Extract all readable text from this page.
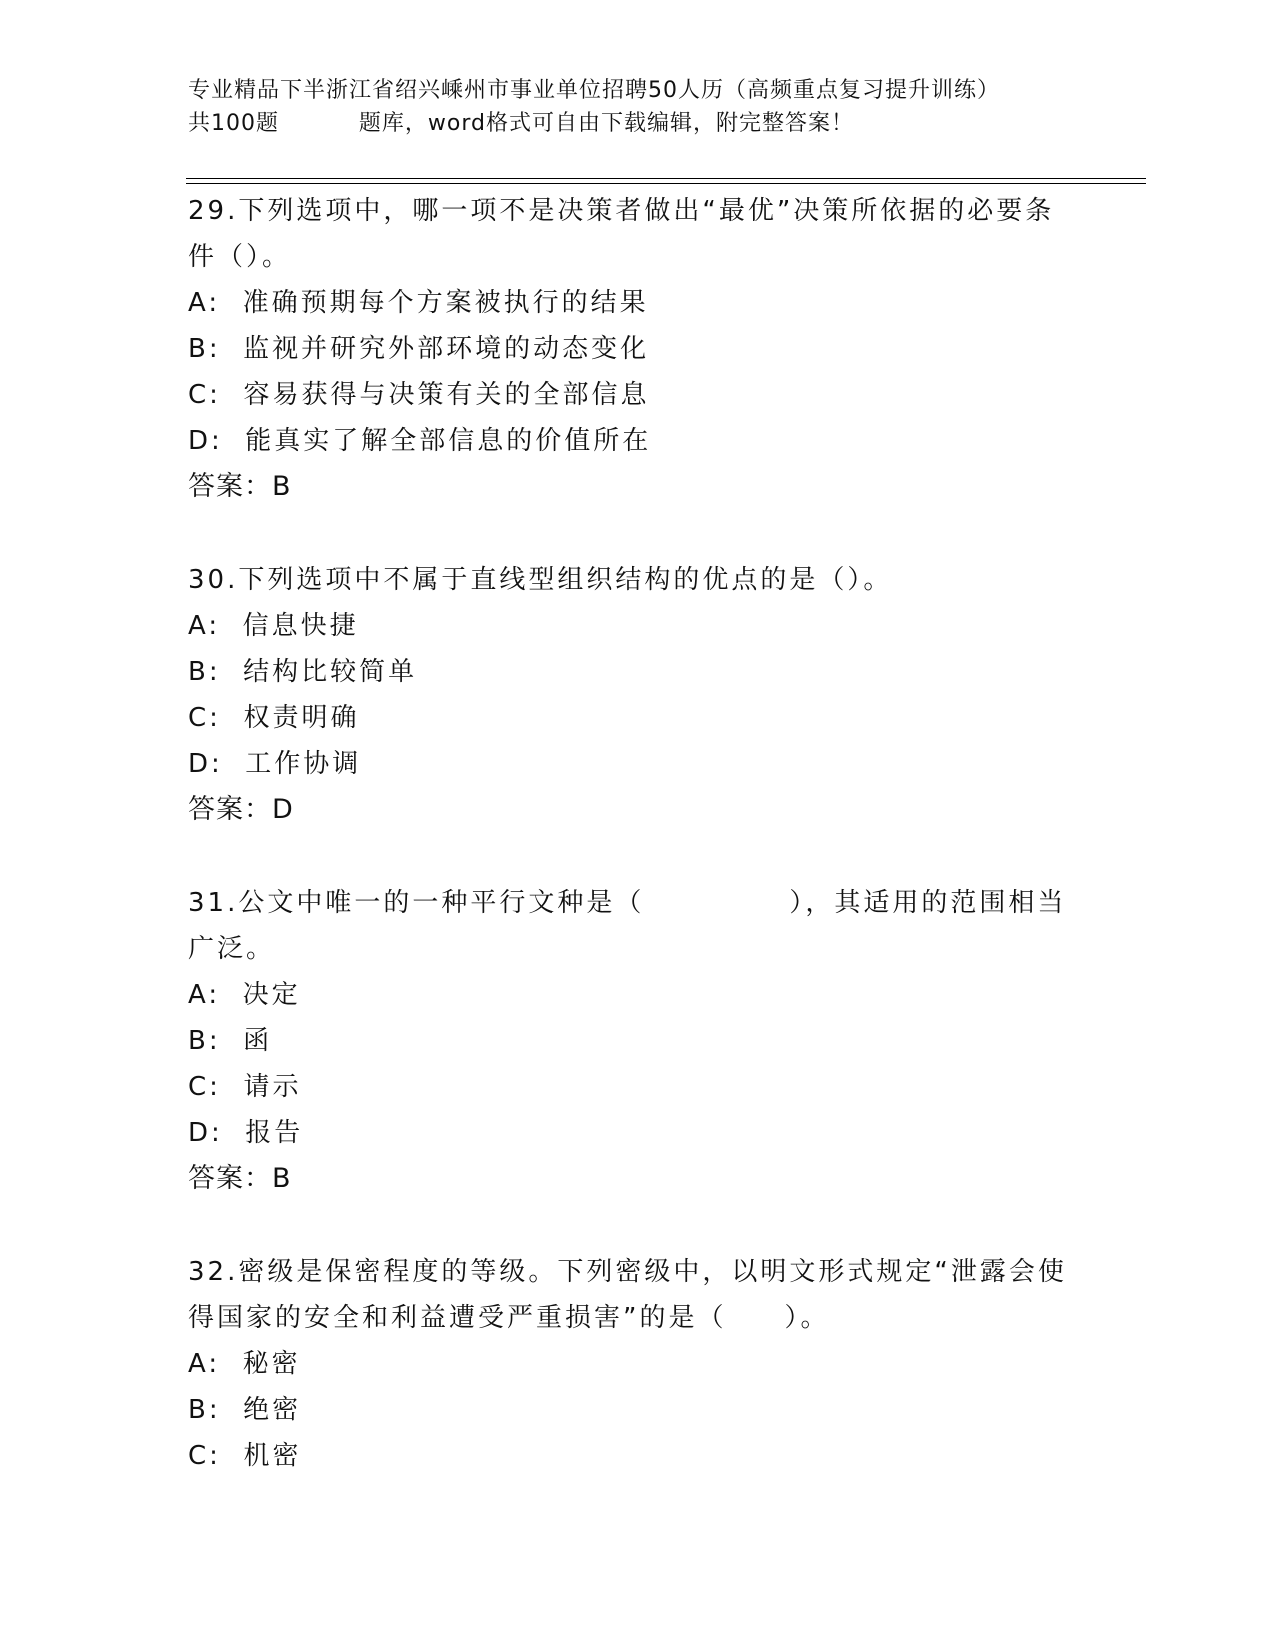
专业精品下半浙江省绍兴嵊州市事业单位招聘50人历（高频重点复习提升训练）
共100题          题库，word格式可自由下载编辑，附完整答案！

29.下列选项中，哪一项不是决策者做出“最优”决策所依据的必要条件（）。

A:  准确预期每个方案被执行的结果

B:  监视并研究外部环境的动态变化

C:  容易获得与决策有关的全部信息

D:  能真实了解全部信息的价值所在

答案：B

30.下列选项中不属于直线型组织结构的优点的是（）。

A:  信息快捷

B:  结构比较简单

C:  权责明确

D:  工作协调

答案：D

31.公文中唯一的一种平行文种是（　　　　　），其适用的范围相当广泛。

A:  决定

B:  函

C:  请示

D:  报告

答案：B

32.密级是保密程度的等级。下列密级中，以明文形式规定“泄露会使得国家的安全和利益遭受严重损害”的是（　　）。

A:  秘密

B:  绝密

C:  机密
